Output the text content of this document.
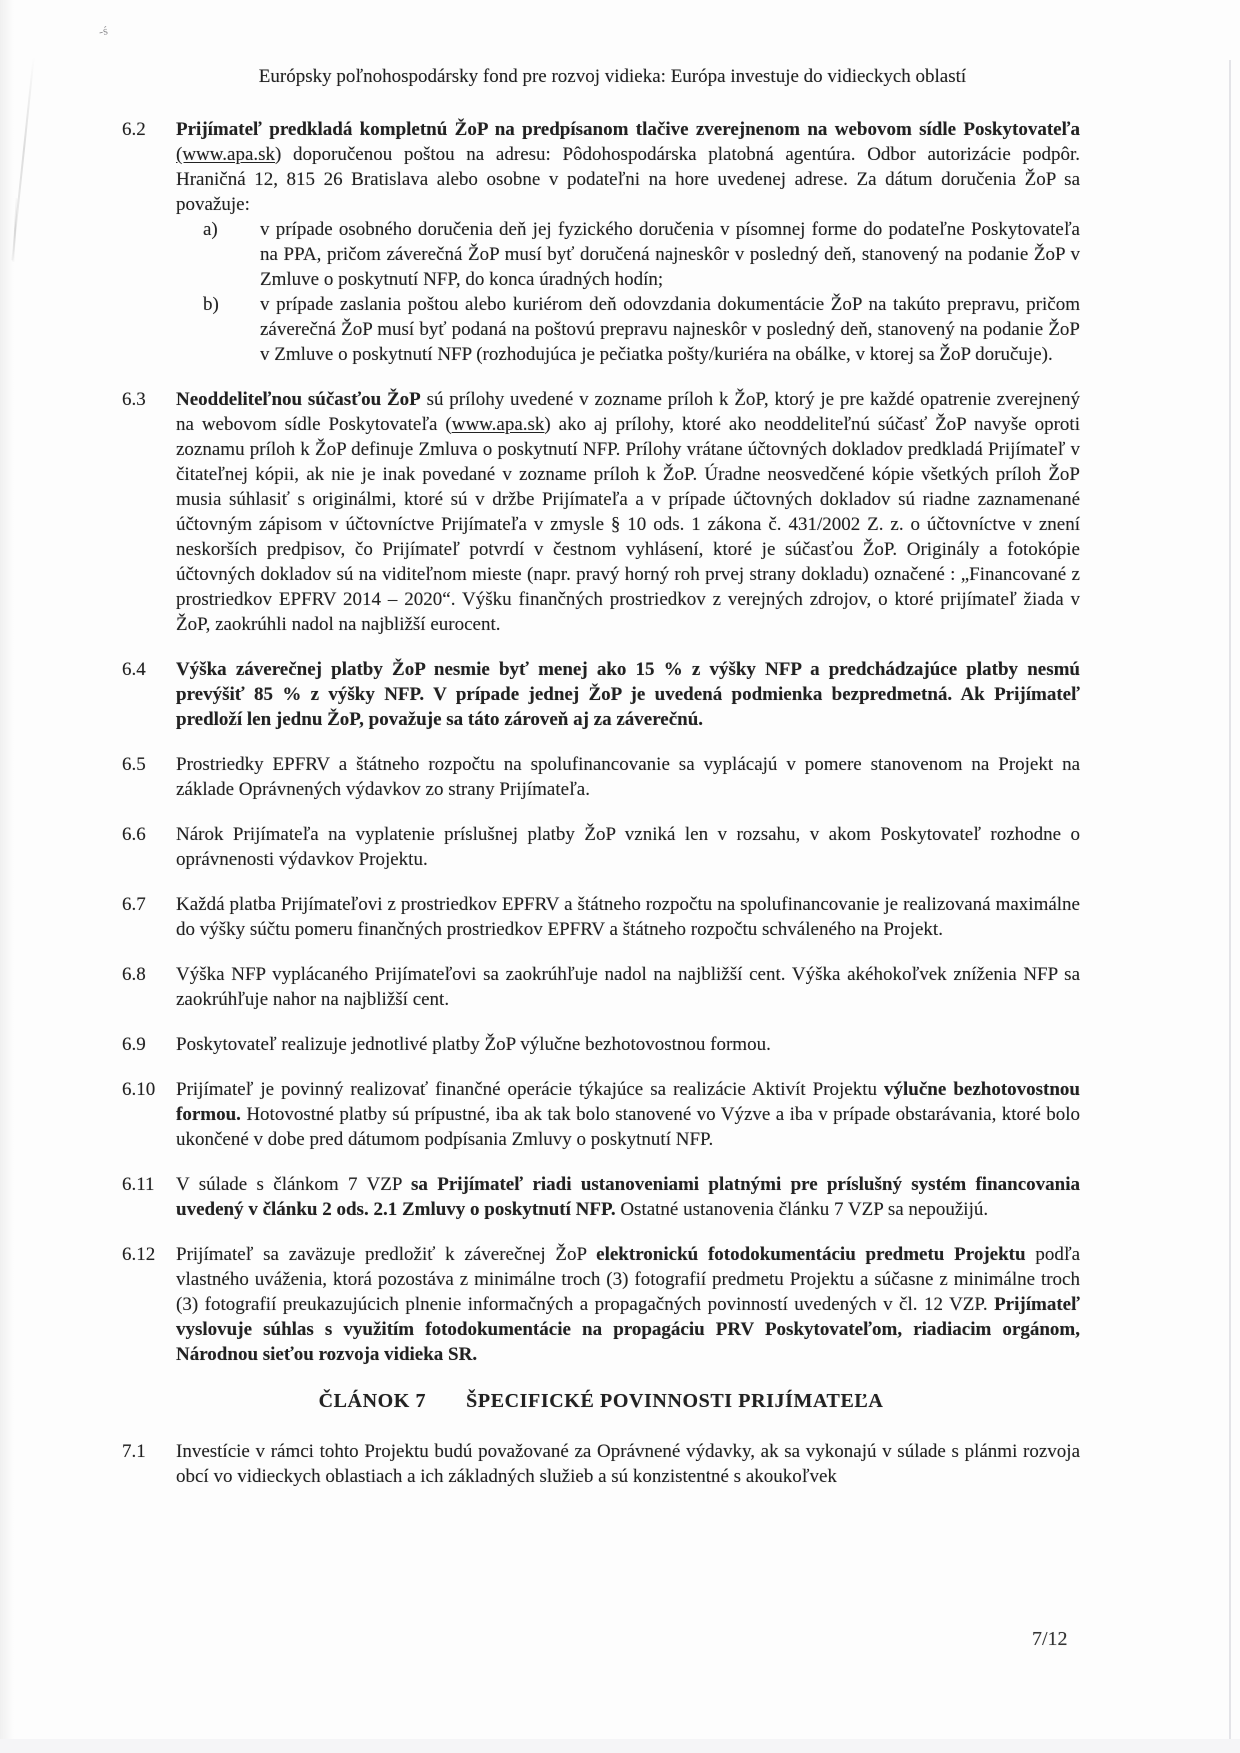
-ś
Európsky poľnohospodársky fond pre rozvoj vidieka: Európa investuje do vidieckych oblastí
6.2	Prijímateľ predkladá kompletnú ŽoP na predpísanom tlačive zverejnenom na webovom sídle Poskytovateľa (www.apa.sk) doporučenou poštou na adresu: Pôdohospodárska platobná agentúra. Odbor autorizácie podpôr. Hraničná 12, 815 26 Bratislava alebo osobne v podateľni na hore uvedenej adrese. Za dátum doručenia ŽoP sa považuje:

a)	v prípade osobného doručenia deň jej fyzického doručenia v písomnej forme do podateľne Poskytovateľa na PPA, pričom záverečná ŽoP musí byť doručená najneskôr v posledný deň, stanovený na podanie ŽoP v Zmluve o poskytnutí NFP, do konca úradných hodín;
b)	v prípade zaslania poštou alebo kuriérom deň odovzdania dokumentácie ŽoP na takúto prepravu, pričom záverečná ŽoP musí byť podaná na poštovú prepravu najneskôr v posledný deň, stanovený na podanie ŽoP v Zmluve o poskytnutí NFP (rozhodujúca je pečiatka pošty/kuriéra na obálke, v ktorej sa ŽoP doručuje).
6.3	Neoddeliteľnou súčasťou ŽoP sú prílohy uvedené v zozname príloh k ŽoP, ktorý je pre každé opatrenie zverejnený na webovom sídle Poskytovateľa (www.apa.sk) ako aj prílohy, ktoré ako neoddeliteľnú súčasť ŽoP navyše oproti zoznamu príloh k ŽoP definuje Zmluva o poskytnutí NFP. Prílohy vrátane účtovných dokladov predkladá Prijímateľ v čitateľnej kópii, ak nie je inak povedané v zozname príloh k ŽoP. Úradne neosvedčené kópie všetkých príloh ŽoP musia súhlasiť s originálmi, ktoré sú v držbe Prijímateľa a v prípade účtovných dokladov sú riadne zaznamenané účtovným zápisom v účtovníctve Prijímateľa v zmysle § 10 ods. 1 zákona č. 431/2002 Z. z. o účtovníctve v znení neskorších predpisov, čo Prijímateľ potvrdí v čestnom vyhlásení, ktoré je súčasťou ŽoP. Originály a fotokópie účtovných dokladov sú na viditeľnom mieste (napr. pravý horný roh prvej strany dokladu) označené : „Financované z prostriedkov EPFRV 2014 – 2020“. Výšku finančných prostriedkov z verejných zdrojov, o ktoré prijímateľ žiada v ŽoP, zaokrúhli nadol na najbližší eurocent.

6.4	Výška záverečnej platby ŽoP nesmie byť menej ako 15 % z výšky NFP a predchádzajúce platby nesmú prevýšiť 85 % z výšky NFP. V prípade jednej ŽoP je uvedená podmienka bezpredmetná. Ak Prijímateľ predloží len jednu ŽoP, považuje sa táto zároveň aj za záverečnú.

6.5	Prostriedky EPFRV a štátneho rozpočtu na spolufinancovanie sa vyplácajú v pomere stanovenom na Projekt na základe Oprávnených výdavkov zo strany Prijímateľa.

6.6	Nárok Prijímateľa na vyplatenie príslušnej platby ŽoP vzniká len v rozsahu, v akom Poskytovateľ rozhodne o oprávnenosti výdavkov Projektu.

6.7	Každá platba Prijímateľovi z prostriedkov EPFRV a štátneho rozpočtu na spolufinancovanie je realizovaná maximálne do výšky súčtu pomeru finančných prostriedkov EPFRV a štátneho rozpočtu schváleného na Projekt.

6.8	Výška NFP vyplácaného Prijímateľovi sa zaokrúhľuje nadol na najbližší cent. Výška akéhokoľvek zníženia NFP sa zaokrúhľuje nahor na najbližší cent.

6.9	Poskytovateľ realizuje jednotlivé platby ŽoP výlučne bezhotovostnou formou.

6.10	Prijímateľ je povinný realizovať finančné operácie týkajúce sa realizácie Aktivít Projektu výlučne bezhotovostnou formou. Hotovostné platby sú prípustné, iba ak tak bolo stanovené vo Výzve a iba v prípade obstarávania, ktoré bolo ukončené v dobe pred dátumom podpísania Zmluvy o poskytnutí NFP.

6.11	V súlade s článkom 7 VZP sa Prijímateľ riadi ustanoveniami platnými pre príslušný systém financovania uvedený v článku 2 ods. 2.1 Zmluvy o poskytnutí NFP. Ostatné ustanovenia článku 7 VZP sa nepoužijú.

6.12	Prijímateľ sa zaväzuje predložiť k záverečnej ŽoP elektronickú fotodokumentáciu predmetu Projektu podľa vlastného uváženia, ktorá pozostáva z minimálne troch (3) fotografií predmetu Projektu a súčasne z minimálne troch (3) fotografií preukazujúcich plnenie informačných a propagačných povinností uvedených v čl. 12 VZP. Prijímateľ vyslovuje súhlas s využitím fotodokumentácie na propagáciu PRV Poskytovateľom, riadiacim orgánom, Národnou sieťou rozvoja vidieka SR.

ČLÁNOK 7 ŠPECIFICKÉ POVINNOSTI PRIJÍMATEĽA
7.1	Investície v rámci tohto Projektu budú považované za Oprávnené výdavky, ak sa vykonajú v súlade s plánmi rozvoja obcí vo vidieckych oblastiach a ich základných služieb a sú konzistentné s akoukoľvek

7/12
